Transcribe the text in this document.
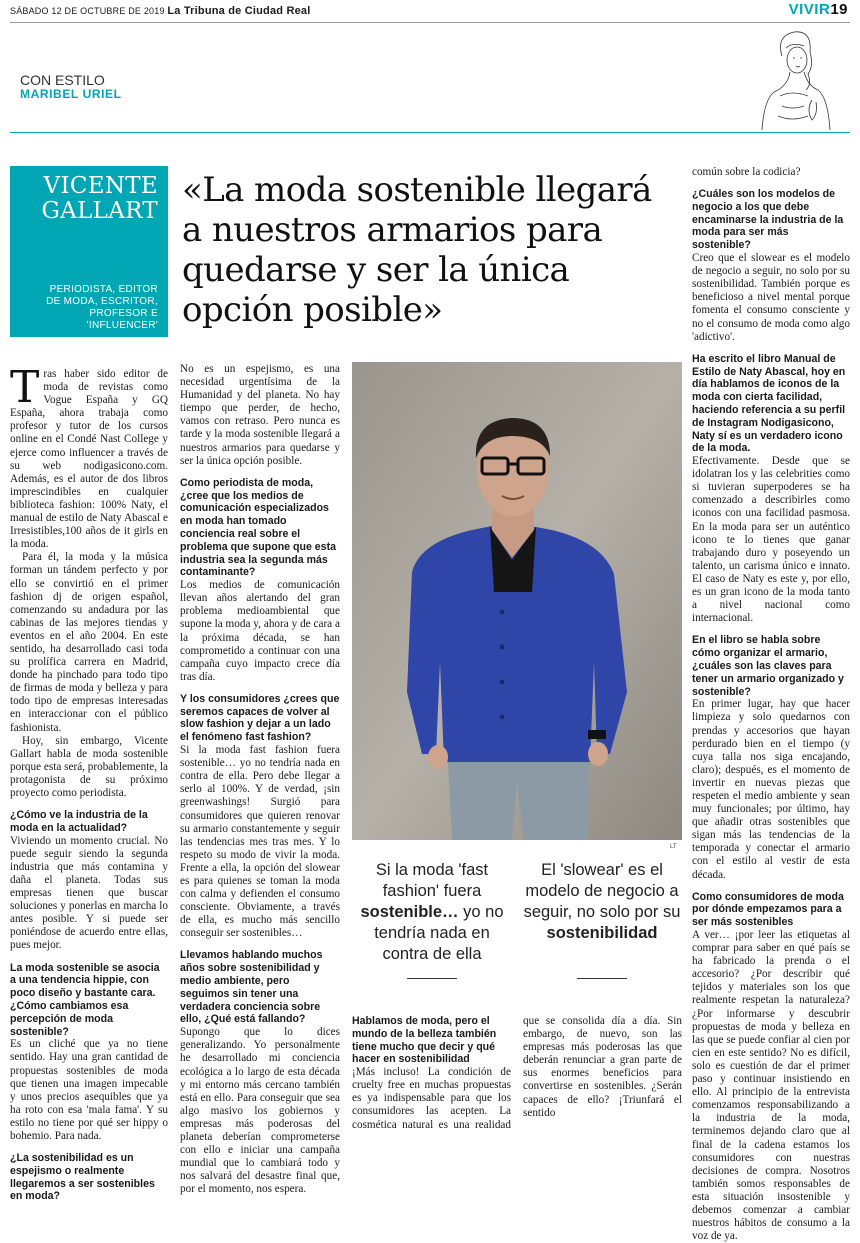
SÁBADO 12 DE OCTUBRE DE 2019 La Tribuna de Ciudad Real	VIVIR19
CON ESTILO
MARIBEL URIEL
VICENTE
GALLART
PERIODISTA, EDITOR
DE MODA, ESCRITOR,
PROFESOR E
'INFLUENCER'
«La moda sostenible llegará a nuestros armarios para quedarse y ser la única opción posible»

Tras haber sido editor de moda de revistas como Vogue España y GQ España, ahora trabaja como profesor y tutor de los cursos online en el Condé Nast College y ejerce como influencer a través de su web nodigasicono.com. Además, es el autor de dos libros imprescindibles en cualquier biblioteca fashion: 100% Naty, el manual de estilo de Naty Abascal e Irresistibles,100 años de it girls en la moda.

Para él, la moda y la música forman un tándem perfecto y por ello se convirtió en el primer fashion dj de origen español, comenzando su andadura por las cabinas de las mejores tiendas y eventos en el año 2004. En este sentido, ha desarrollado casi toda su prolífica carrera en Madrid, donde ha pinchado para todo tipo de firmas de moda y belleza y para todo tipo de empresas interesadas en interaccionar con el público fashionista.

Hoy, sin embargo, Vicente Gallart habla de moda sostenible porque esta será, probablemente, la protagonista de su próximo proyecto como periodista.

¿Cómo ve la industria de la moda en la actualidad?

Viviendo un momento crucial. No puede seguir siendo la segunda industria que más contamina y daña el planeta. Todas sus empresas tienen que buscar soluciones y ponerlas en marcha lo antes posible. Y si puede ser poniéndose de acuerdo entre ellas, pues mejor.

La moda sostenible se asocia a una tendencia hippie, con poco diseño y bastante cara. ¿Cómo cambiamos esa percepción de moda sostenible?

Es un cliché que ya no tiene sentido. Hay una gran cantidad de propuestas sostenibles de moda que tienen una imagen impecable y unos precios asequibles que ya ha roto con esa 'mala fama'. Y su estilo no tiene por qué ser hippy o bohemio. Para nada.

¿La sostenibilidad es un espejismo o realmente llegaremos a ser sostenibles en moda?

No es un espejismo, es una necesidad urgentísima de la Humanidad y del planeta. No hay tiempo que perder, de hecho, vamos con retraso. Pero nunca es tarde y la moda sostenible llegará a nuestros armarios para quedarse y ser la única opción posible.

Como periodista de moda, ¿cree que los medios de comunicación especializados en moda han tomado conciencia real sobre el problema que supone que esta industria sea la segunda más contaminante?

Los medios de comunicación llevan años alertando del gran problema medioambiental que supone la moda y, ahora y de cara a la próxima década, se han comprometido a continuar con una campaña cuyo impacto crece día tras día.

Y los consumidores ¿crees que seremos capaces de volver al slow fashion y dejar a un lado el fenómeno fast fashion?

Si la moda fast fashion fuera sostenible… yo no tendría nada en contra de ella. Pero debe llegar a serlo al 100%. Y de verdad, ¡sin greenwashings! Surgió para consumidores que quieren renovar su armario constantemente y seguir las tendencias mes tras mes. Y lo respeto su modo de vivir la moda. Frente a ella, la opción del slowear es para quienes se toman la moda con calma y defienden el consumo consciente. Obviamente, a través de ella, es mucho más sencillo conseguir ser sostenibles…

Llevamos hablando muchos años sobre sostenibilidad y medio ambiente, pero seguimos sin tener una verdadera conciencia sobre ello, ¿Qué está fallando?

Supongo que lo dices generalizando. Yo personalmente he desarrollado mi conciencia ecológica a lo largo de esta década y mi entorno más cercano también está en ello. Para conseguir que sea algo masivo los gobiernos y empresas más poderosas del planeta deberían comprometerse con ello e iniciar una campaña mundial que lo cambiará todo y nos salvará del desastre final que, por el momento, nos espera.

LT
Si la moda 'fast fashion' fuera sostenible… yo no tendría nada en contra de ella
El 'slowear' es el modelo de negocio a seguir, no solo por su sostenibilidad

Hablamos de moda, pero el mundo de la belleza también tiene mucho que decir y qué hacer en sostenibilidad

¡Más incluso! La condición de cruelty free en muchas propuestas es ya indispensable para que los consumidores las acepten. La cosmética natural es una realidad que se consolida día a día. Sin embargo, de nuevo, son las empresas más poderosas las que deberán renunciar a gran parte de sus enormes beneficios para convertirse en sostenibles. ¿Serán capaces de ello? ¡Triunfará el sentido

común sobre la codicia?

¿Cuáles son los modelos de negocio a los que debe encaminarse la industria de la moda para ser más sostenible?

Creo que el slowear es el modelo de negocio a seguir, no solo por su sostenibilidad. También porque es beneficioso a nivel mental porque fomenta el consumo consciente y no el consumo de moda como algo 'adictivo'.

Ha escrito el libro Manual de Estilo de Naty Abascal, hoy en día hablamos de iconos de la moda con cierta facilidad, haciendo referencia a su perfil de Instagram Nodigasicono, Naty sí es un verdadero icono de la moda.

Efectivamente. Desde que se idolatran los y las celebrities como si tuvieran superpoderes se ha comenzado a describirles como iconos con una facilidad pasmosa. En la moda para ser un auténtico icono te lo tienes que ganar trabajando duro y poseyendo un talento, un carisma único e innato. El caso de Naty es este y, por ello, es un gran icono de la moda tanto a nivel nacional como internacional.

En el libro se habla sobre cómo organizar el armario, ¿cuáles son las claves para tener un armario organizado y sostenible?

En primer lugar, hay que hacer limpieza y solo quedarnos con prendas y accesorios que hayan perdurado bien en el tiempo (y cuya talla nos siga encajando, claro); después, es el momento de invertir en nuevas piezas que respeten el medio ambiente y sean muy funcionales; por último, hay que añadir otras sostenibles que sigan más las tendencias de la temporada y conectar el armario con el estilo al vestir de esta década.

Como consumidores de moda por dónde empezamos para a ser más sostenibles

A ver… ¡por leer las etiquetas al comprar para saber en qué país se ha fabricado la prenda o el accesorio? ¿Por describir qué tejidos y materiales son los que realmente respetan la naturaleza? ¿Por informarse y descubrir propuestas de moda y belleza en las que se puede confiar al cien por cien en este sentido? No es difícil, solo es cuestión de dar el primer paso y continuar insistiendo en ello. Al principio de la entrevista comenzamos responsabilizando a la industria de la moda, terminemos dejando claro que al final de la cadena estamos los consumidores con nuestras decisiones de compra. Nosotros también somos responsables de esta situación insostenible y debemos comenzar a cambiar nuestros hábitos de consumo a la voz de ya.
